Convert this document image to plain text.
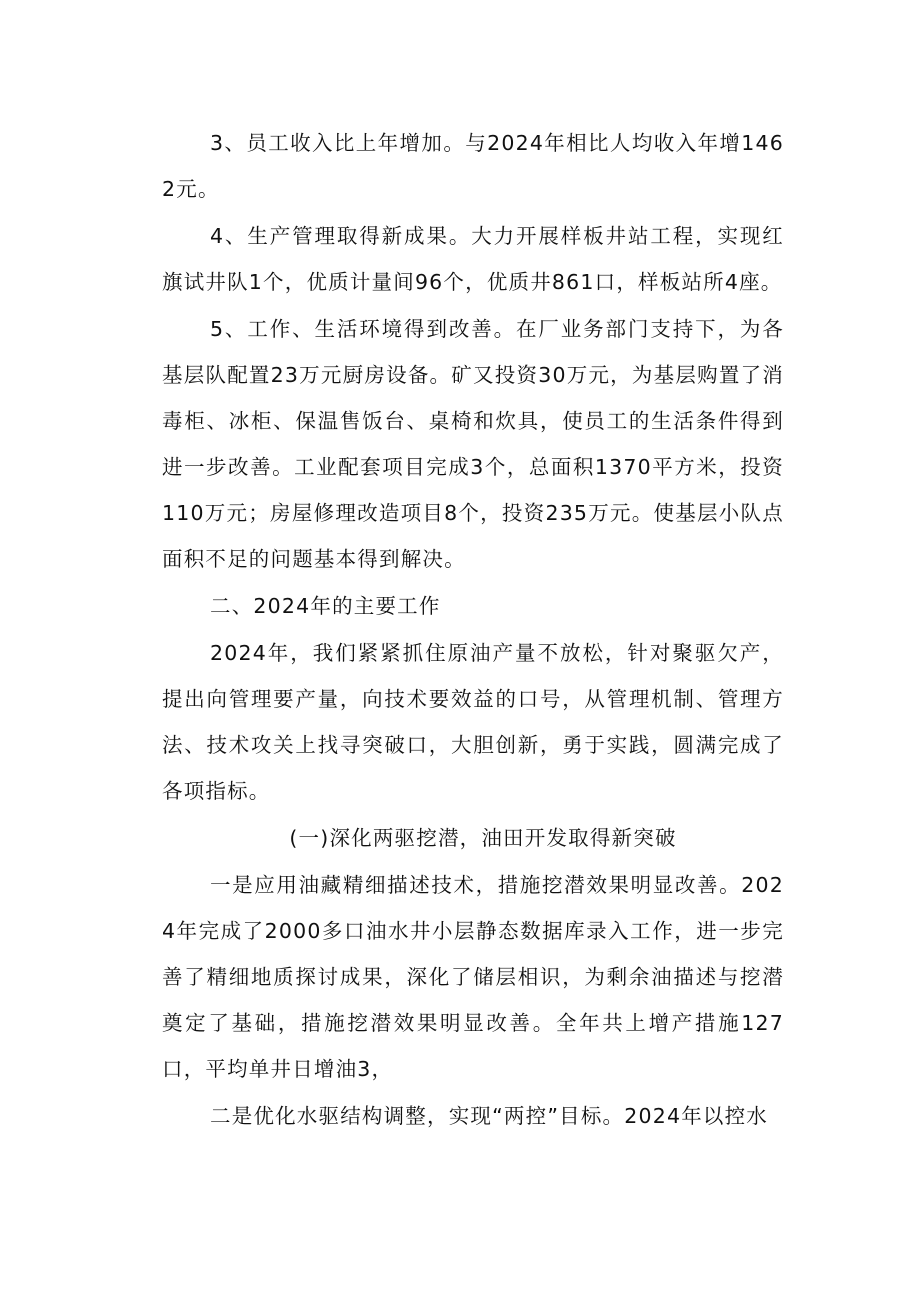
3、员工收入比上年增加。与2024年相比人均收入年增1462元。

4、生产管理取得新成果。大力开展样板井站工程，实现红旗试井队1个，优质计量间96个，优质井861口，样板站所4座。

5、工作、生活环境得到改善。在厂业务部门支持下，为各基层队配置23万元厨房设备。矿又投资30万元，为基层购置了消毒柜、冰柜、保温售饭台、桌椅和炊具，使员工的生活条件得到进一步改善。工业配套项目完成3个，总面积1370平方米，投资110万元；房屋修理改造项目8个，投资235万元。使基层小队点面积不足的问题基本得到解决。

二、2024年的主要工作

2024年，我们紧紧抓住原油产量不放松，针对聚驱欠产，提出向管理要产量，向技术要效益的口号，从管理机制、管理方法、技术攻关上找寻突破口，大胆创新，勇于实践，圆满完成了各项指标。

(一)深化两驱挖潜，油田开发取得新突破

一是应用油藏精细描述技术，措施挖潜效果明显改善。2024年完成了2000多口油水井小层静态数据库录入工作，进一步完善了精细地质探讨成果，深化了储层相识，为剩余油描述与挖潜奠定了基础，措施挖潜效果明显改善。全年共上增产措施127口，平均单井日增油3，

二是优化水驱结构调整，实现“两控”目标。2024年以控水
